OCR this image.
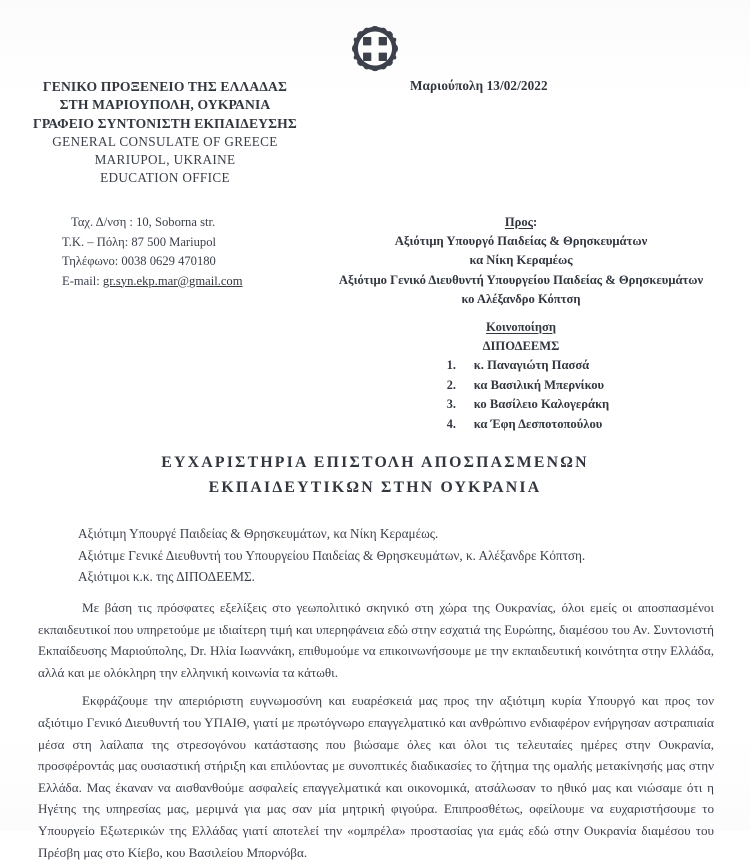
ΓΕΝΙΚΟ ΠΡΟΞΕΝΕΙΟ ΤΗΣ ΕΛΛΑΔΑΣ
ΣΤΗ ΜΑΡΙΟΥΠΟΛΗ, ΟΥΚΡΑΝΙΑ
ΓΡΑΦΕΙΟ ΣΥΝΤΟΝΙΣΤΗ ΕΚΠΑΙΔΕΥΣΗΣ
GENERAL CONSULATE OF GREECE
MARIUPOL, UKRAINE
EDUCATION OFFICE
Μαριούπολη 13/02/2022
Ταχ. Δ/νση : 10, Soborna str.
Τ.Κ. – Πόλη: 87 500 Mariupol
Τηλέφωνο: 0038 0629 470180
E-mail: gr.syn.ekp.mar@gmail.com
Προς:
Αξιότιμη Υπουργό Παιδείας & Θρησκευμάτων
κα Νίκη Κεραμέως
Αξιότιμο Γενικό Διευθυντή Υπουργείου Παιδείας & Θρησκευμάτων
κο Αλέξανδρο Κόπτση
Κοινοποίηση
ΔΙΠΟΔΕΕΜΣ
1.	κ. Παναγιώτη Πασσά
2.	κα Βασιλική Μπερνίκου
3.	κο Βασίλειο Καλογεράκη
4.	κα Έφη Δεσποτοπούλου
ΕΥΧΑΡΙΣΤΗΡΙΑ ΕΠΙΣΤΟΛΗ ΑΠΟΣΠΑΣΜΕΝΩΝ
ΕΚΠΑΙΔΕΥΤΙΚΩΝ ΣΤΗΝ ΟΥΚΡΑΝΙΑ
Αξιότιμη Υπουργέ Παιδείας & Θρησκευμάτων, κα Νίκη Κεραμέως.
Αξιότιμε Γενικέ Διευθυντή του Υπουργείου Παιδείας & Θρησκευμάτων, κ. Αλέξανδρε Κόπτση.
Αξιότιμοι κ.κ. της ΔΙΠΟΔΕΕΜΣ.

Με βάση τις πρόσφατες εξελίξεις στο γεωπολιτικό σκηνικό στη χώρα της Ουκρανίας, όλοι εμείς οι αποσπασμένοι εκπαιδευτικοί που υπηρετούμε με ιδιαίτερη τιμή και υπερηφάνεια εδώ στην εσχατιά της Ευρώπης, διαμέσου του Αν. Συντονιστή Εκπαίδευσης Μαριούπολης, Dr. Ηλία Ιωαννάκη, επιθυμούμε να επικοινωνήσουμε με την εκπαιδευτική κοινότητα στην Ελλάδα, αλλά και με ολόκληρη την ελληνική κοινωνία τα κάτωθι.

Εκφράζουμε την απεριόριστη ευγνωμοσύνη και ευαρέσκειά μας προς την αξιότιμη κυρία Υπουργό και προς τον αξιότιμο Γενικό Διευθυντή του ΥΠΑΙΘ, γιατί με πρωτόγνωρο επαγγελματικό και ανθρώπινο ενδιαφέρον ενήργησαν αστραπιαία μέσα στη λαίλαπα της στρεσογόνου κατάστασης που βιώσαμε όλες και όλοι τις τελευταίες ημέρες στην Ουκρανία, προσφέροντάς μας ουσιαστική στήριξη και επιλύοντας με συνοπτικές διαδικασίες το ζήτημα της ομαλής μετακίνησής μας στην Ελλάδα. Μας έκαναν να αισθανθούμε ασφαλείς επαγγελματικά και οικονομικά, ατσάλωσαν το ηθικό μας και νιώσαμε ότι η Ηγέτης της υπηρεσίας μας, μεριμνά για μας σαν μία μητρική φιγούρα. Επιπροσθέτως, οφείλουμε να ευχαριστήσουμε το Υπουργείο Εξωτερικών της Ελλάδας γιατί αποτελεί την «ομπρέλα» προστασίας για εμάς εδώ στην Ουκρανία διαμέσου του Πρέσβη μας στο Κίεβο, κου Βασιλείου Μπορνόβα.
